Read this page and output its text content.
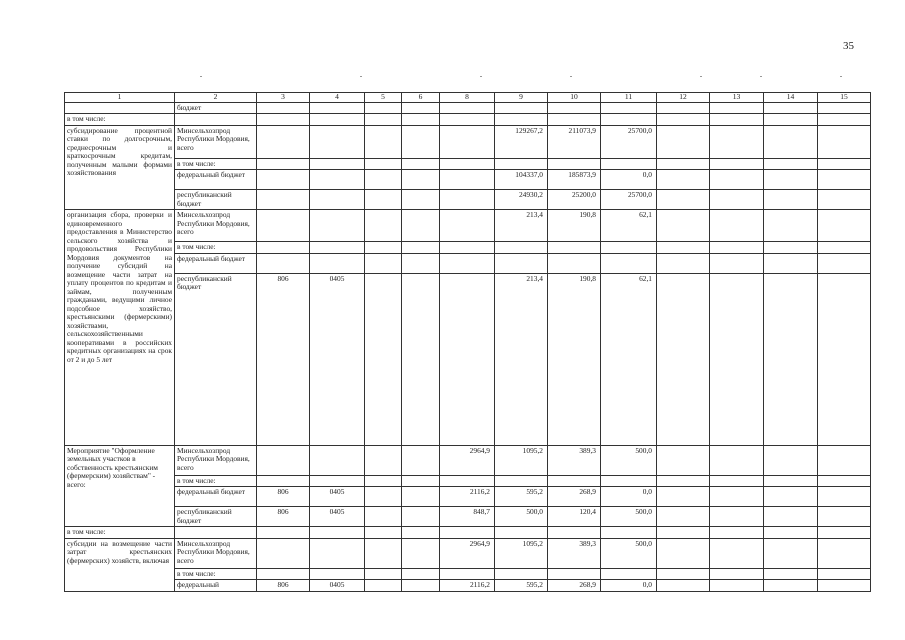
35
1	2	3	4	5	6	8	9	10	11	12	13	14	15
	бюджет												
в том числе:													
субсидирование процентной ставки по долгосрочным, среднесрочным и краткосрочным кредитам, полученным малыми формами хозяйствования	Минсельхозпрод Республики Мордовия, всего						129267,2	211073,9	25700,0				
	в том числе:												
	федеральный бюджет						104337,0	185873,9	0,0				
	республиканский бюджет						24930,2	25200,0	25700,0				
организация сбора, проверки и единовременного предоставления в Министерство сельского хозяйства и продовольствия Республики Мордовия документов на получение субсидий на возмещение части затрат на уплату процентов по кредитам и займам, полученным гражданами, ведущими личное подсобное хозяйство, крестьянскими (фермерскими) хозяйствами, сельскохозяйственными кооперативами в российских кредитных организациях на срок от 2 и до 5 лет	Минсельхозпрод Республики Мордовия, всего						213,4	190,8	62,1				
	в том числе:												
	федеральный бюджет												
	республиканский бюджет	806	0405				213,4	190,8	62,1				
Мероприятие "Оформление земельных участков в собственность крестьянским (фермерским) хозяйствам" - всего:	Минсельхозпрод Республики Мордовия, всего					2964,9	1095,2	389,3	500,0				
	в том числе:												
	федеральный бюджет	806	0405			2116,2	595,2	268,9	0,0				
	республиканский бюджет	806	0405			848,7	500,0	120,4	500,0				
в том числе:													
субсидии на возмещение части затрат крестьянских (фермерских) хозяйств, включая	Минсельхозпрод Республики Мордовия, всего					2964,9	1095,2	389,3	500,0				
	в том числе:												
	федеральный	806	0405			2116,2	595,2	268,9	0,0				
